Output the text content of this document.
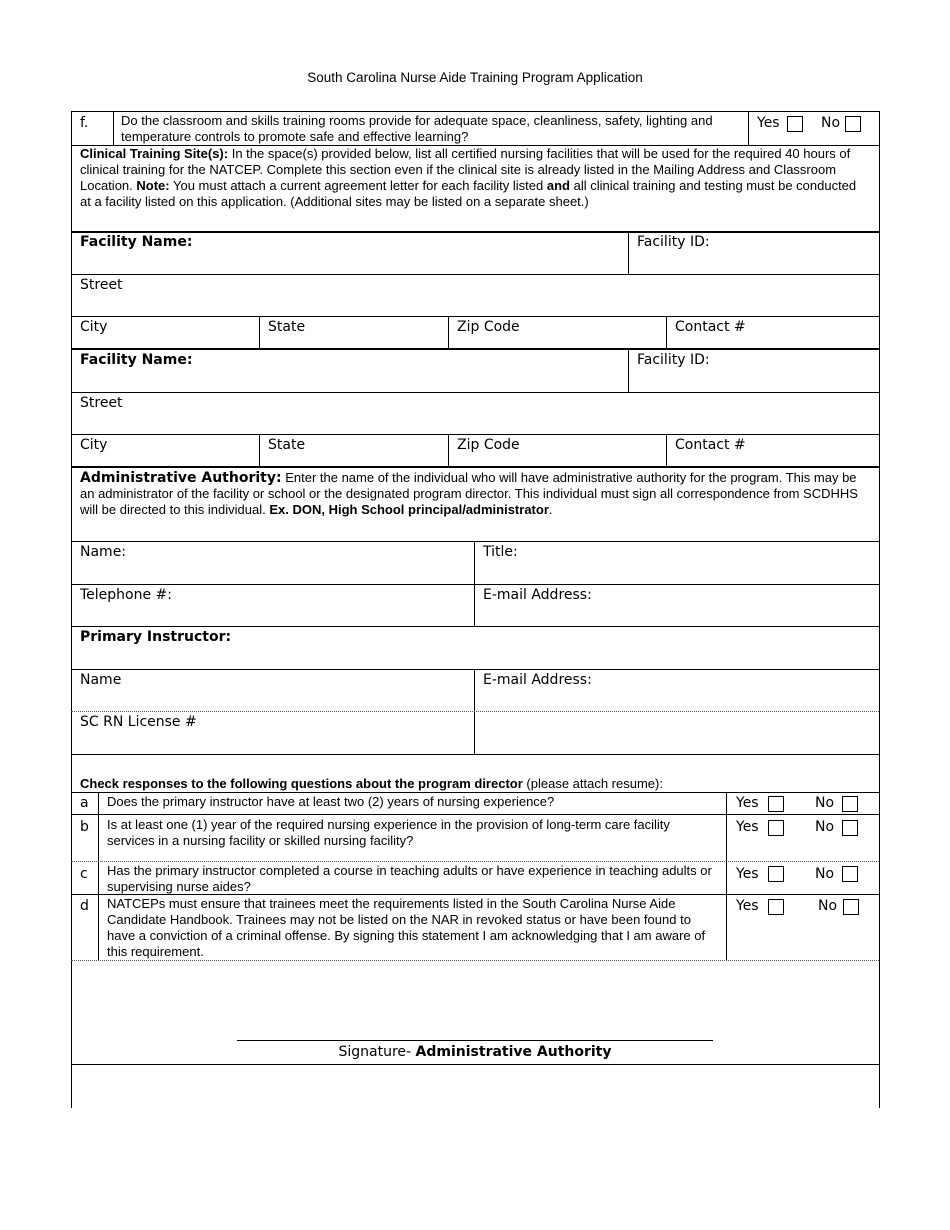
South Carolina Nurse Aide Training Program Application
f.	Do the classroom and skills training rooms provide for adequate space, cleanliness, safety, lighting and temperature controls to promote safe and effective learning?
Yes	No
Clinical Training Site(s): In the space(s) provided below, list all certified nursing facilities that will be used for the required 40 hours of clinical training for the NATCEP. Complete this section even if the clinical site is already listed in the Mailing Address and Classroom Location. Note: You must attach a current agreement letter for each facility listed and all clinical training and testing must be conducted at a facility listed on this application. (Additional sites may be listed on a separate sheet.)
Facility Name:	Facility ID:
Street
City	State	Zip Code	Contact #
Facility Name:	Facility ID:
Street
City	State	Zip Code	Contact #
Administrative Authority: Enter the name of the individual who will have administrative authority for the program. This may be an administrator of the facility or school or the designated program director. This individual must sign all correspondence from SCDHHS will be directed to this individual. Ex. DON, High School principal/administrator.
Name:	Title:
Telephone #:	E-mail Address:
Primary Instructor:
Name	E-mail Address:
SC RN License #
Check responses to the following questions about the program director (please attach resume):
a Does the primary instructor have at least two (2) years of nursing experience?	Yes	No
b Is at least one (1) year of the required nursing experience in the provision of long-term care facility services in a nursing facility or skilled nursing facility?
Yes	No
c Has the primary instructor completed a course in teaching adults or have experience in teaching adults or supervising nurse aides?
Yes	No
d NATCEPs must ensure that trainees meet the requirements listed in the South Carolina Nurse Aide Candidate Handbook. Trainees may not be listed on the NAR in revoked status or have been found to have a conviction of a criminal offense. By signing this statement I am acknowledging that I am aware of this requirement.
Yes	No
Signature- Administrative Authority
